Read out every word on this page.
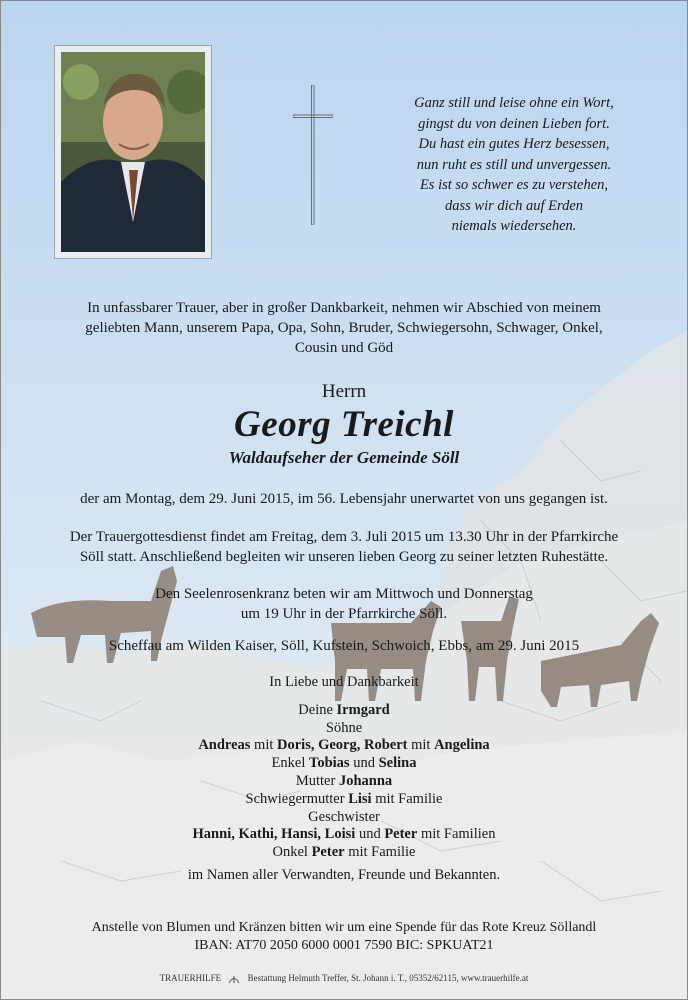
Ganz still und leise ohne ein Wort,
gingst du von deinen Lieben fort.
Du hast ein gutes Herz besessen,
nun ruht es still und unvergessen.
Es ist so schwer es zu verstehen,
dass wir dich auf Erden
niemals wiedersehen.
In unfassbarer Trauer, aber in großer Dankbarkeit, nehmen wir Abschied von meinem
geliebten Mann, unserem Papa, Opa, Sohn, Bruder, Schwiegersohn, Schwager, Onkel,
Cousin und Göd
Herrn
Georg Treichl
Waldaufseher der Gemeinde Söll
der am Montag, dem 29. Juni 2015, im 56. Lebensjahr unerwartet von uns gegangen ist.
Der Trauergottesdienst findet am Freitag, dem 3. Juli 2015 um 13.30 Uhr in der Pfarrkirche
Söll statt. Anschließend begleiten wir unseren lieben Georg zu seiner letzten Ruhestätte.
Den Seelenrosenkranz beten wir am Mittwoch und Donnerstag
um 19 Uhr in der Pfarrkirche Söll.
Scheffau am Wilden Kaiser, Söll, Kufstein, Schwoich, Ebbs, am 29. Juni 2015
In Liebe und Dankbarkeit
Deine Irmgard
Söhne
Andreas mit Doris, Georg, Robert mit Angelina
Enkel Tobias und Selina
Mutter Johanna
Schwiegermutter Lisi mit Familie
Geschwister
Hanni, Kathi, Hansi, Loisi und Peter mit Familien
Onkel Peter mit Familie
im Namen aller Verwandten, Freunde und Bekannten.
Anstelle von Blumen und Kränzen bitten wir um eine Spende für das Rote Kreuz Söllandl
IBAN: AT70 2050 6000 0001 7590 BIC: SPKUAT21
TRAUERHILFE	Bestattung Helmuth Treffer, St. Johann i. T., 05352/62115, www.trauerhilfe.at
